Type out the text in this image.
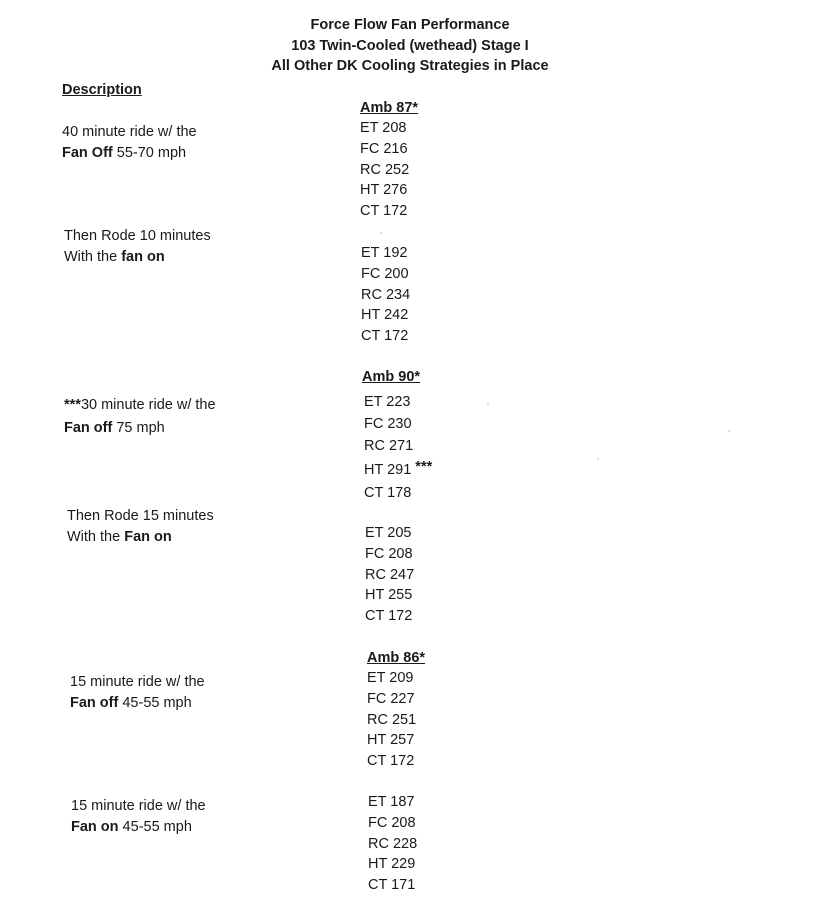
Force Flow Fan Performance
103 Twin-Cooled (wethead) Stage I
All Other DK Cooling Strategies in Place
Description
Amb 87*
40 minute ride w/ the
Fan Off 55-70 mph
ET 208
FC 216
RC 252
HT 276
CT 172
Then Rode 10 minutes
With the fan on	ET 192
FC 200
RC 234
HT 242
CT 172
Amb 90*
***30 minute ride w/ the
Fan off 75 mph
ET 223
FC 230
RC 271
HT 291 ***
CT 178
Then Rode 15 minutes
With the Fan on	ET 205
FC 208
RC 247
HT 255
CT 172
Amb 86*
15 minute ride w/ the
Fan off 45-55 mph
ET 209
FC 227
RC 251
HT 257
CT 172
15 minute ride w/ the
Fan on 45-55 mph
ET 187
FC 208
RC 228
HT 229
CT 171
